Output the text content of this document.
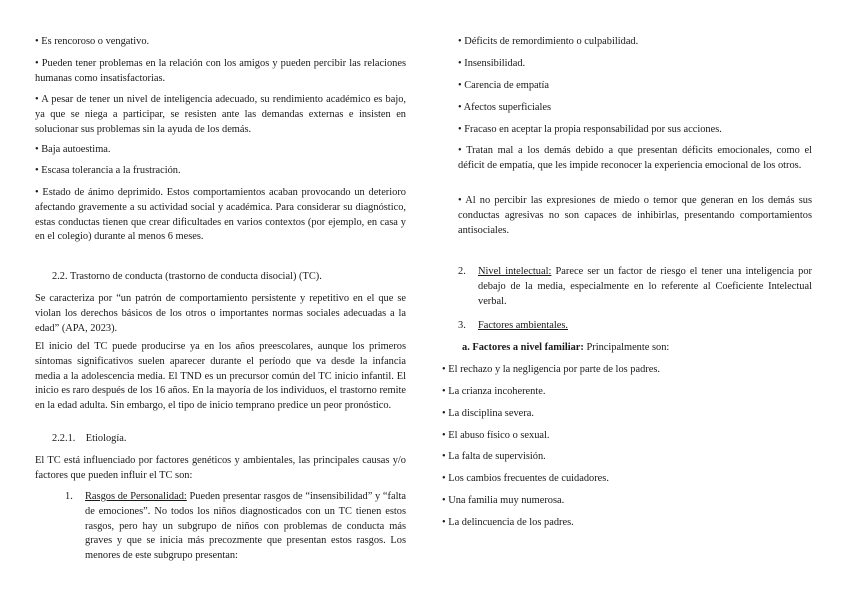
• Es rencoroso o vengativo.

• Pueden tener problemas en la relación con los amigos y pueden percibir las relaciones humanas como insatisfactorias.

• A pesar de tener un nivel de inteligencia adecuado, su rendimiento académico es bajo, ya que se niega a participar, se resisten ante las demandas externas e insisten en solucionar sus problemas sin la ayuda de los demás.

• Baja autoestima.

• Escasa tolerancia a la frustración.

• Estado de ánimo deprimido. Estos comportamientos acaban provocando un deterioro afectando gravemente a su actividad social y académica. Para considerar su diagnóstico, estas conductas tienen que crear dificultades en varios contextos (por ejemplo, en casa y en el colegio) durante al menos 6 meses.

2.2. Trastorno de conducta (trastorno de conducta disocial) (TC).

Se caracteriza por “un patrón de comportamiento persistente y repetitivo en el que se violan los derechos básicos de los otros o importantes normas sociales adecuadas a la edad” (APA, 2023).

El inicio del TC puede producirse ya en los años preescolares, aunque los primeros síntomas significativos suelen aparecer durante el período que va desde la infancia media a la adolescencia media. El TND es un precursor común del TC inicio infantil. El inicio es raro después de los 16 años. En la mayoría de los individuos, el trastorno remite en la edad adulta. Sin embargo, el tipo de inicio temprano predice un peor pronóstico.

2.2.1.    Etiología.

El TC está influenciado por factores genéticos y ambientales, las principales causas y/o factores que pueden influir el TC son:

1. Rasgos de Personalidad: Pueden presentar rasgos de “insensibilidad” y “falta de emociones”. No todos los niños diagnosticados con un TC tienen estos rasgos, pero hay un subgrupo de niños con problemas de conducta más graves y que se inicia más precozmente que presentan estos rasgos. Los menores de este subgrupo presentan:

• Déficits de remordimiento o culpabilidad.

• Insensibilidad.

• Carencia de empatía

• Afectos superficiales

• Fracaso en aceptar la propia responsabilidad por sus acciones.

• Tratan mal a los demás debido a que presentan déficits emocionales, como el déficit de empatía, que les impide reconocer la experiencia emocional de los otros.

• Al no percibir las expresiones de miedo o temor que generan en los demás sus conductas agresivas no son capaces de inhibirlas, presentando comportamientos antisociales.

2. Nivel intelectual: Parece ser un factor de riesgo el tener una inteligencia por debajo de la media, especialmente en lo referente al Coeficiente Intelectual verbal.
3. Factores ambientales.

a. Factores a nivel familiar: Principalmente son:

• El rechazo y la negligencia por parte de los padres.

• La crianza incoherente.

• La disciplina severa.

• El abuso físico o sexual.

• La falta de supervisión.

• Los cambios frecuentes de cuidadores.

• Una familia muy numerosa.

• La delincuencia de los padres.
